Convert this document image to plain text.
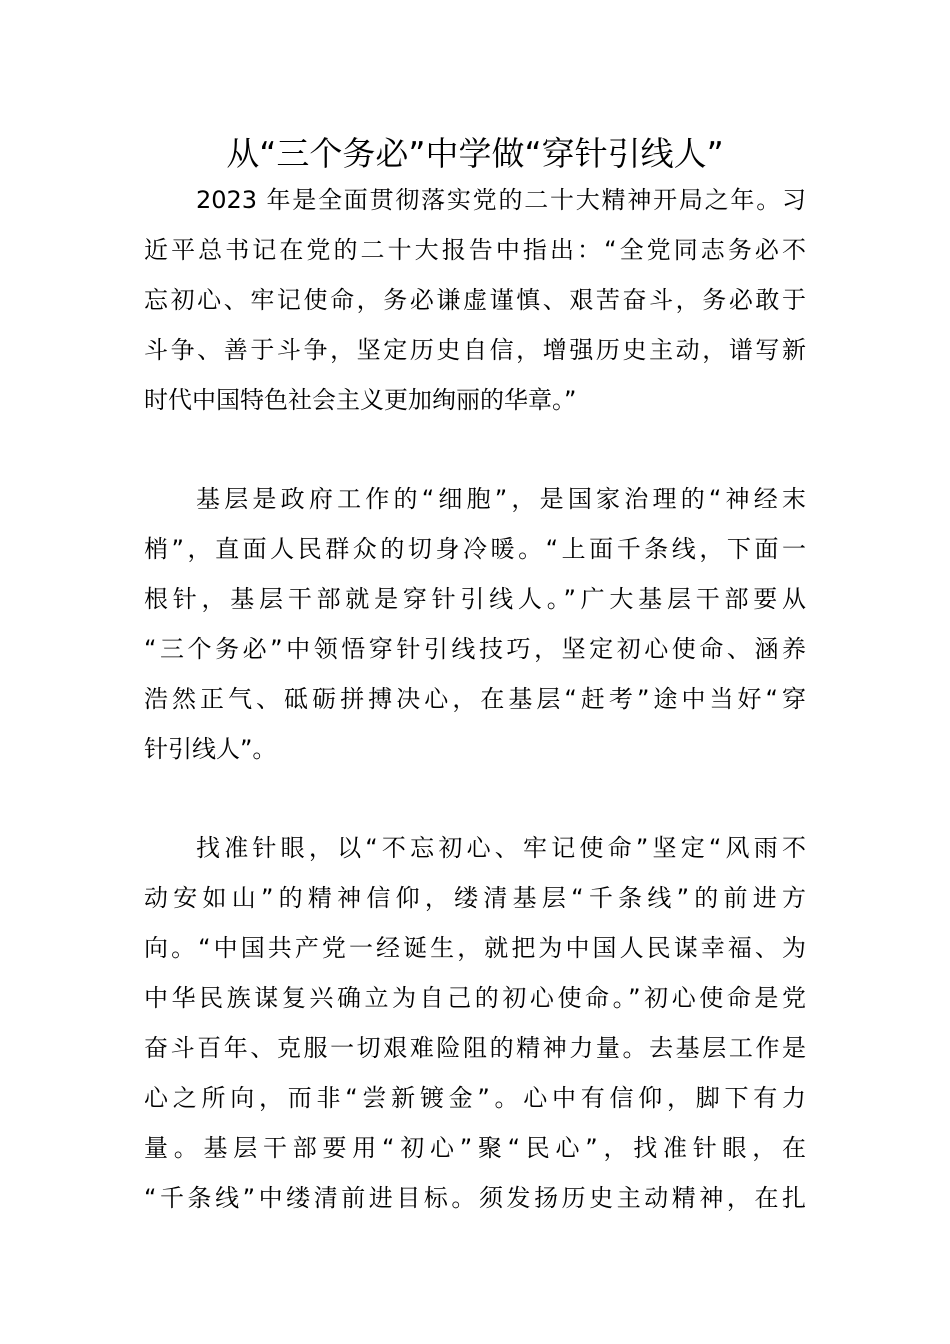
从“三个务必”中学做“穿针引线人”

2023 年是全面贯彻落实党的二十大精神开局之年。习
近平总书记在党的二十大报告中指出：“全党同志务必不
忘初心、牢记使命，务必谦虚谨慎、艰苦奋斗，务必敢于
斗争、善于斗争，坚定历史自信，增强历史主动，谱写新
时代中国特色社会主义更加绚丽的华章。”

基层是政府工作的“细胞”，是国家治理的“神经末
梢”，直面人民群众的切身冷暖。“上面千条线，下面一
根针，基层干部就是穿针引线人。”广大基层干部要从
“三个务必”中领悟穿针引线技巧，坚定初心使命、涵养
浩然正气、砥砺拼搏决心，在基层“赶考”途中当好“穿
针引线人”。

找准针眼，以“不忘初心、牢记使命”坚定“风雨不
动安如山”的精神信仰，缕清基层“千条线”的前进方
向。“中国共产党一经诞生，就把为中国人民谋幸福、为
中华民族谋复兴确立为自己的初心使命。”初心使命是党
奋斗百年、克服一切艰难险阻的精神力量。去基层工作是
心之所向，而非“尝新镀金”。心中有信仰，脚下有力
量。基层干部要用“初心”聚“民心”，找准针眼，在
“千条线”中缕清前进目标。须发扬历史主动精神，在扎
